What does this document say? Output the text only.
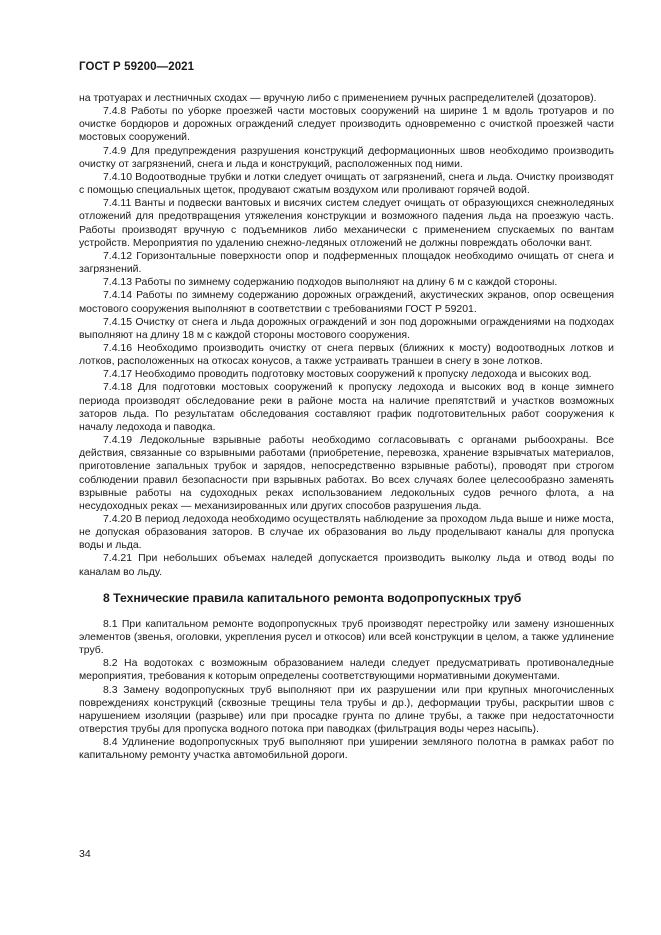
ГОСТ Р 59200—2021

на тротуарах и лестничных сходах — вручную либо с применением ручных распределителей (дозаторов).

7.4.8 Работы по уборке проезжей части мостовых сооружений на ширине 1 м вдоль тротуаров и по очистке бордюров и дорожных ограждений следует производить одновременно с очисткой проезжей части мостовых сооружений.

7.4.9 Для предупреждения разрушения конструкций деформационных швов необходимо производить очистку от загрязнений, снега и льда и конструкций, расположенных под ними.

7.4.10 Водоотводные трубки и лотки следует очищать от загрязнений, снега и льда. Очистку производят с помощью специальных щеток, продувают сжатым воздухом или проливают горячей водой.

7.4.11 Ванты и подвески вантовых и висячих систем следует очищать от образующихся снежноледяных отложений для предотвращения утяжеления конструкции и возможного падения льда на проезжую часть. Работы производят вручную с подъемников либо механически с применением спускаемых по вантам устройств. Мероприятия по удалению снежно-ледяных отложений не должны повреждать оболочки вант.

7.4.12 Горизонтальные поверхности опор и подферменных площадок необходимо очищать от снега и загрязнений.

7.4.13 Работы по зимнему содержанию подходов выполняют на длину 6 м с каждой стороны.

7.4.14 Работы по зимнему содержанию дорожных ограждений, акустических экранов, опор освещения мостового сооружения выполняют в соответствии с требованиями ГОСТ Р 59201.

7.4.15 Очистку от снега и льда дорожных ограждений и зон под дорожными ограждениями на подходах выполняют на длину 18 м с каждой стороны мостового сооружения.

7.4.16 Необходимо производить очистку от снега первых (ближних к мосту) водоотводных лотков и лотков, расположенных на откосах конусов, а также устраивать траншеи в снегу в зоне лотков.

7.4.17 Необходимо проводить подготовку мостовых сооружений к пропуску ледохода и высоких вод.

7.4.18 Для подготовки мостовых сооружений к пропуску ледохода и высоких вод в конце зимнего периода производят обследование реки в районе моста на наличие препятствий и участков возможных заторов льда. По результатам обследования составляют график подготовительных работ сооружения к началу ледохода и паводка.

7.4.19 Ледокольные взрывные работы необходимо согласовывать с органами рыбоохраны. Все действия, связанные со взрывными работами (приобретение, перевозка, хранение взрывчатых материалов, приготовление запальных трубок и зарядов, непосредственно взрывные работы), проводят при строгом соблюдении правил безопасности при взрывных работах. Во всех случаях более целесообразно заменять взрывные работы на судоходных реках использованием ледокольных судов речного флота, а на несудоходных реках — механизированных или других способов разрушения льда.

7.4.20 В период ледохода необходимо осуществлять наблюдение за проходом льда выше и ниже моста, не допуская образования заторов. В случае их образования во льду проделывают каналы для пропуска воды и льда.

7.4.21 При небольших объемах наледей допускается производить выколку льда и отвод воды по каналам во льду.

8 Технические правила капитального ремонта водопропускных труб

8.1 При капитальном ремонте водопропускных труб производят перестройку или замену изношенных элементов (звенья, оголовки, укрепления русел и откосов) или всей конструкции в целом, а также удлинение труб.

8.2 На водотоках с возможным образованием наледи следует предусматривать противоналедные мероприятия, требования к которым определены соответствующими нормативными документами.

8.3 Замену водопропускных труб выполняют при их разрушении или при крупных многочисленных повреждениях конструкций (сквозные трещины тела трубы и др.), деформации трубы, раскрытии швов с нарушением изоляции (разрыве) или при просадке грунта по длине трубы, а также при недостаточности отверстия трубы для пропуска водного потока при паводках (фильтрация воды через насыпь).

8.4 Удлинение водопропускных труб выполняют при уширении земляного полотна в рамках работ по капитальному ремонту участка автомобильной дороги.

34
